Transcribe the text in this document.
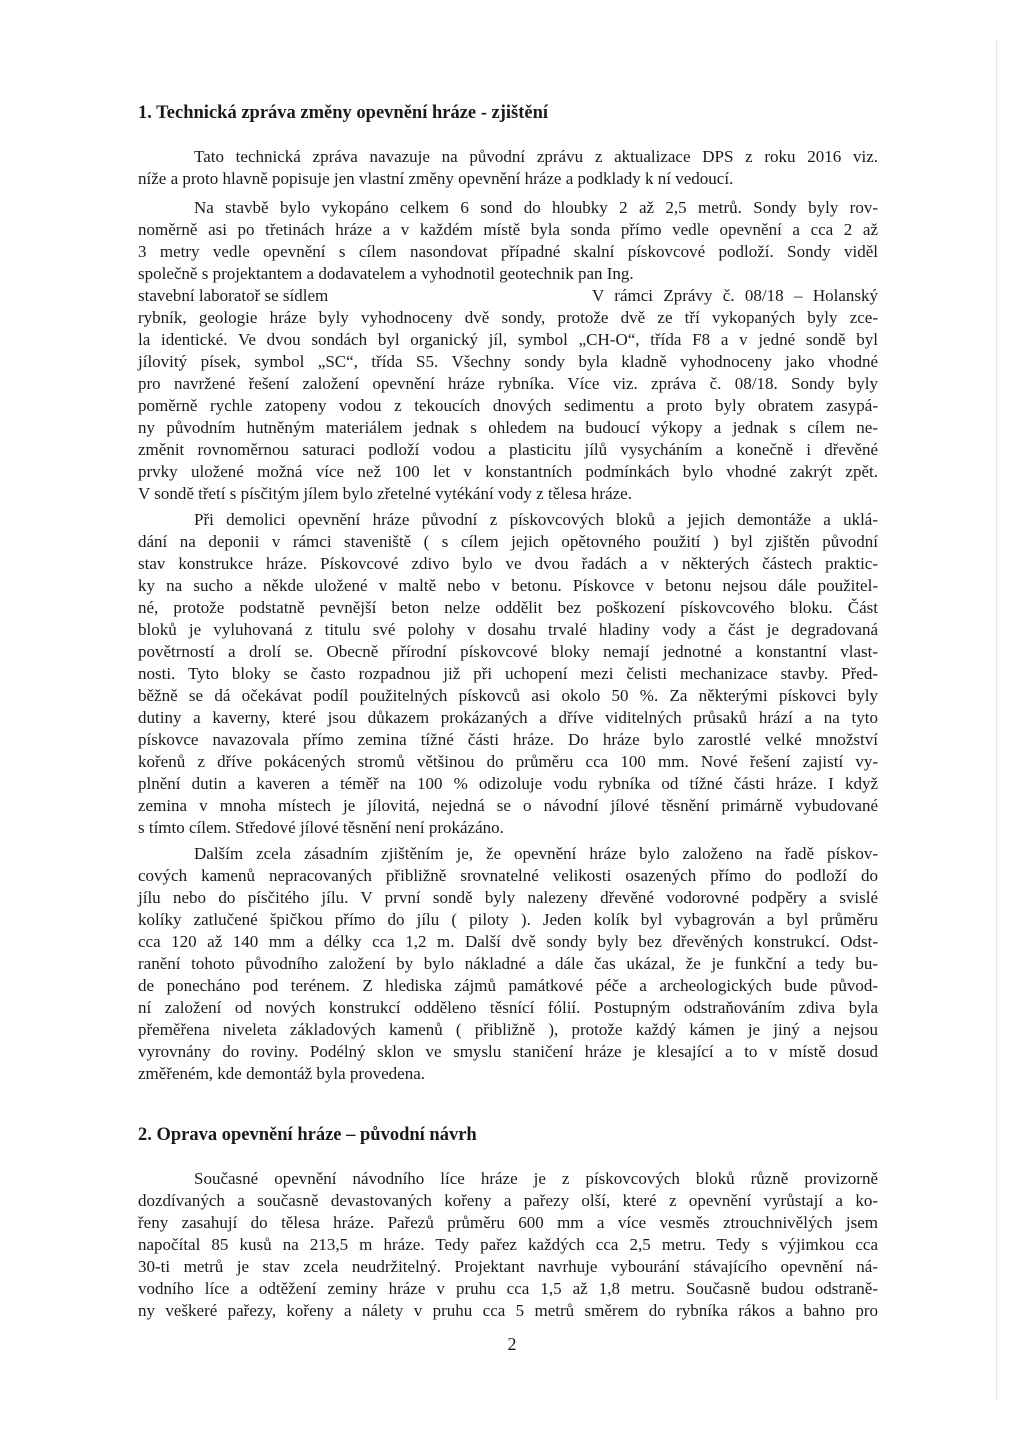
1. Technická zpráva změny opevnění hráze - zjištění
Tato technická zpráva navazuje na původní zprávu z aktualizace DPS z roku 2016 viz.
níže a proto hlavně popisuje jen vlastní změny opevnění hráze a podklady k ní vedoucí.
Na stavbě bylo vykopáno celkem 6 sond do hloubky 2 až 2,5 metrů. Sondy byly rov-
noměrně asi po třetinách hráze a v každém místě byla sonda přímo vedle opevnění a cca 2 až
3 metry vedle opevnění s cílem nasondovat případné skalní pískovcové podloží. Sondy viděl
společně s projektantem a dodavatelem a vyhodnotil geotechnik pan Ing.
stavební laboratoř se sídlem	V rámci Zprávy č. 08/18 – Holanský
rybník, geologie hráze byly vyhodnoceny dvě sondy, protože dvě ze tří vykopaných byly zce-
la identické. Ve dvou sondách byl organický jíl, symbol „CH-O“, třída F8 a v jedné sondě byl
jílovitý písek, symbol „SC“, třída S5. Všechny sondy byla kladně vyhodnoceny jako vhodné
pro navržené řešení založení opevnění hráze rybníka. Více viz. zpráva č. 08/18. Sondy byly
poměrně rychle zatopeny vodou z tekoucích dnových sedimentu a proto byly obratem zasypá-
ny původním hutněným materiálem jednak s ohledem na budoucí výkopy a jednak s cílem ne-
změnit rovnoměrnou saturaci podloží vodou a plasticitu jílů vysycháním a konečně i dřevěné
prvky uložené možná více než 100 let v konstantních podmínkách bylo vhodné zakrýt zpět.
V sondě třetí s písčitým jílem bylo zřetelné vytékání vody z tělesa hráze.
Při demolici opevnění hráze původní z pískovcových bloků a jejich demontáže a uklá-
dání na deponii v rámci staveniště ( s cílem jejich opětovného použití ) byl zjištěn původní
stav konstrukce hráze. Pískovcové zdivo bylo ve dvou řadách a v některých částech praktic-
ky na sucho a někde uložené v maltě nebo v betonu. Pískovce v betonu nejsou dále použitel-
né, protože podstatně pevnější beton nelze oddělit bez poškození pískovcového bloku. Část
bloků je vyluhovaná z titulu své polohy v dosahu trvalé hladiny vody a část je degradovaná
povětrností a drolí se. Obecně přírodní pískovcové bloky nemají jednotné a konstantní vlast-
nosti. Tyto bloky se často rozpadnou již při uchopení mezi čelisti mechanizace stavby. Před-
běžně se dá očekávat podíl použitelných pískovců asi okolo 50 %. Za některými pískovci byly
dutiny a kaverny, které jsou důkazem prokázaných a dříve viditelných průsaků hrází a na tyto
pískovce navazovala přímo zemina tížné části hráze. Do hráze bylo zarostlé velké množství
kořenů z dříve pokácených stromů většinou do průměru cca 100 mm. Nové řešení zajistí vy-
plnění dutin a kaveren a téměř na 100 % odizoluje vodu rybníka od tížné části hráze. I když
zemina v mnoha místech je jílovitá, nejedná se o návodní jílové těsnění primárně vybudované
s tímto cílem. Středové jílové těsnění není prokázáno.
Dalším zcela zásadním zjištěním je, že opevnění hráze bylo založeno na řadě pískov-
cových kamenů nepracovaných přibližně srovnatelné velikosti osazených přímo do podloží do
jílu nebo do písčitého jílu. V první sondě byly nalezeny dřevěné vodorovné podpěry a svislé
kolíky zatlučené špičkou přímo do jílu ( piloty ). Jeden kolík byl vybagrován a byl průměru
cca 120 až 140 mm a délky cca 1,2 m. Další dvě sondy byly bez dřevěných konstrukcí. Odst-
ranění tohoto původního založení by bylo nákladné a dále čas ukázal, že je funkční a tedy bu-
de ponecháno pod terénem. Z hlediska zájmů památkové péče a archeologických bude původ-
ní založení od nových konstrukcí odděleno těsnící fólií. Postupným odstraňováním zdiva byla
přeměřena niveleta základových kamenů ( přibližně ), protože každý kámen je jiný a nejsou
vyrovnány do roviny. Podélný sklon ve smyslu staničení hráze je klesající a to v místě dosud
změřeném, kde demontáž byla provedena.
2. Oprava opevnění hráze – původní návrh
Současné opevnění návodního líce hráze je z pískovcových bloků různě provizorně
dozdívaných a současně devastovaných kořeny a pařezy olší, které z opevnění vyrůstají a ko-
řeny zasahují do tělesa hráze. Pařezů průměru 600 mm a více vesměs ztrouchnivělých jsem
napočítal 85 kusů na 213,5 m hráze. Tedy pařez každých cca 2,5 metru. Tedy s výjimkou cca
30-ti metrů je stav zcela neudržitelný. Projektant navrhuje vybourání stávajícího opevnění ná-
vodního líce a odtěžení zeminy hráze v pruhu cca 1,5 až 1,8 metru. Současně budou odstraně-
ny veškeré pařezy, kořeny a nálety v pruhu cca 5 metrů směrem do rybníka rákos a bahno pro
2
